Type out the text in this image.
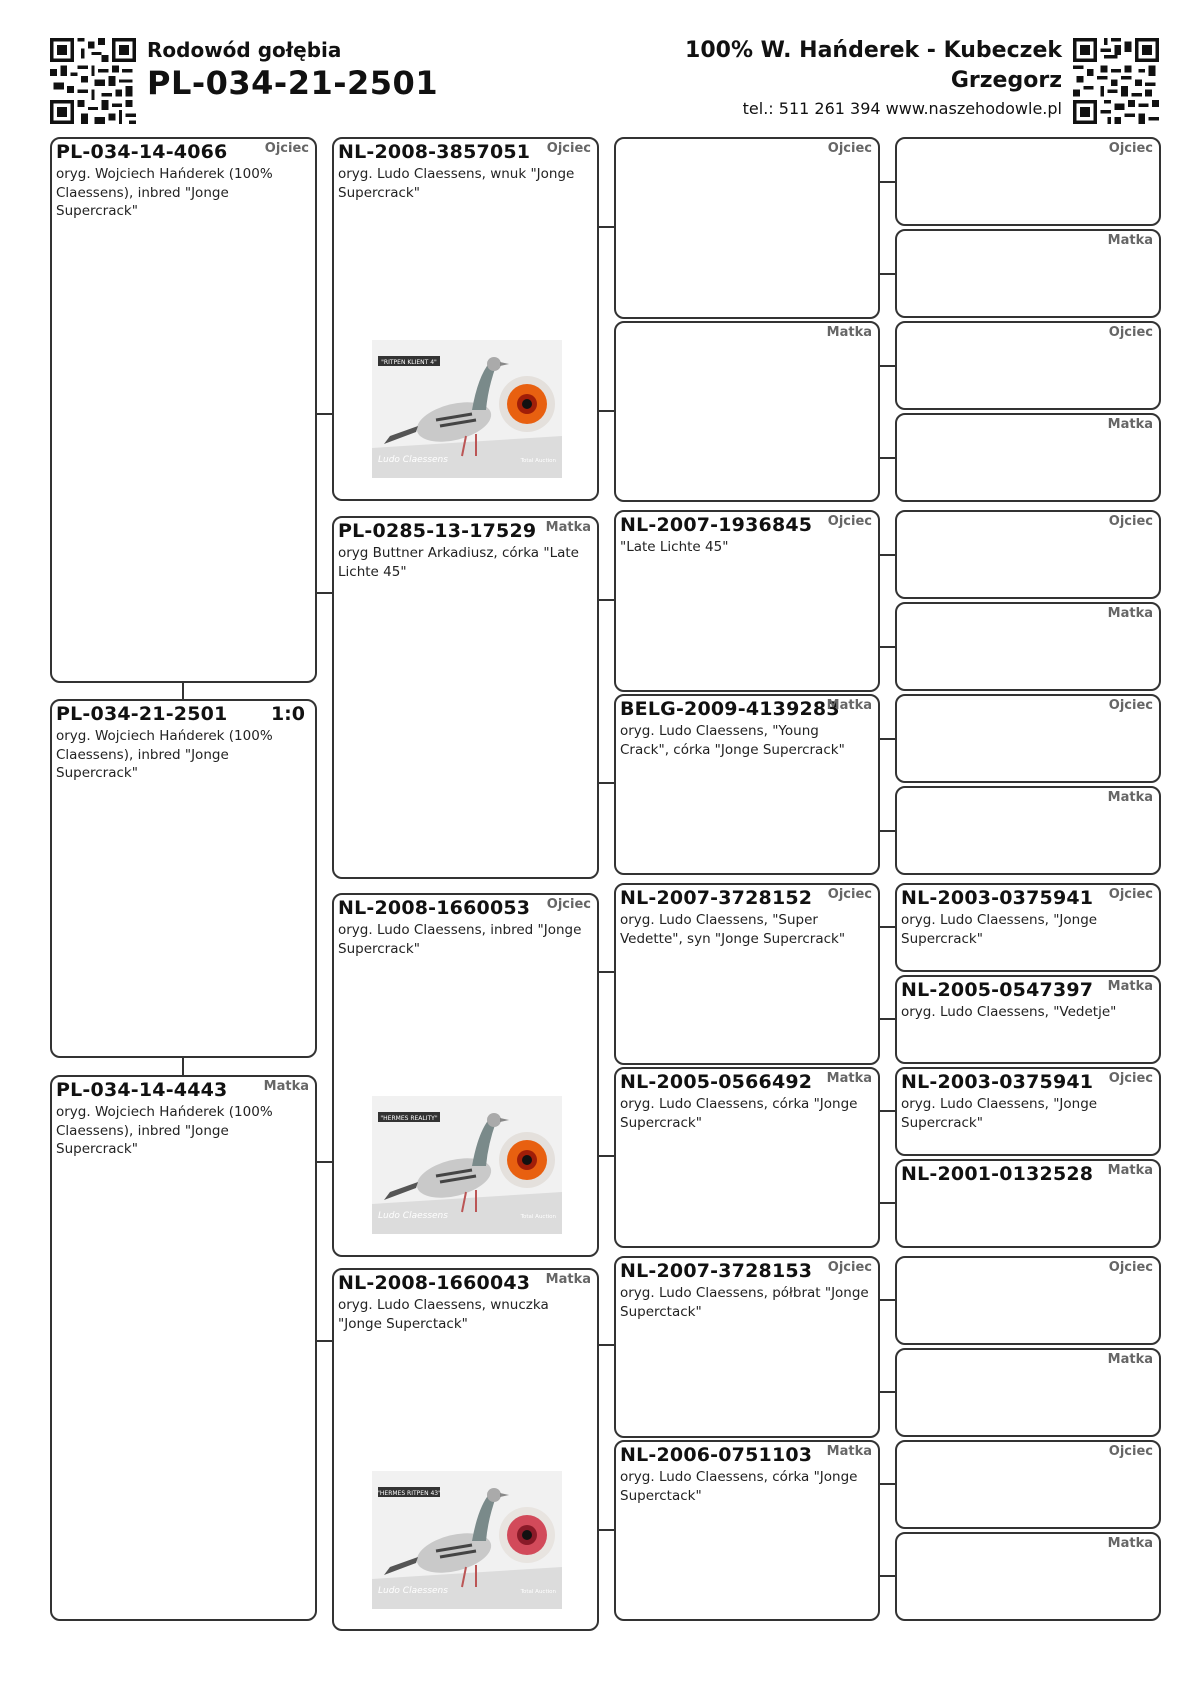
Rodowód gołębia
PL-034-21-2501
100% W. Hańderek - Kubeczek
Grzegorz
tel.: 511 261 394 www.naszehodowle.pl
PL-034-14-4066	Ojciec
oryg. Wojciech Hańderek (100% Claessens), inbred "Jonge Supercrack"
PL-034-21-2501 1:0
oryg. Wojciech Hańderek (100% Claessens), inbred "Jonge Supercrack"
PL-034-14-4443	Matka
oryg. Wojciech Hańderek (100% Claessens), inbred "Jonge Supercrack"
NL-2008-3857051 Ojciec
oryg. Ludo Claessens, wnuk "Jonge Supercrack"
"RITPEN KLIENT 4"
Ludo Claessens	Total Auction
PL-0285-13-17529 Matka
oryg Buttner Arkadiusz, córka "Late Lichte 45"
NL-2008-1660053 Ojciec
oryg. Ludo Claessens, inbred "Jonge Supercrack"
"HERMES REALITY"
Ludo Claessens	Total Auction
NL-2008-1660043 Matka
oryg. Ludo Claessens, wnuczka "Jonge Superctack"
"HERMES RITPEN 43"
Ludo Claessens	Total Auction
Ojciec
Matka
NL-2007-1936845 Ojciec
"Late Lichte 45"
BELG-2009-4139283
Matka
oryg. Ludo Claessens, "Young Crack", córka "Jonge Supercrack"
NL-2007-3728152 Ojciec
oryg. Ludo Claessens, "Super Vedette", syn "Jonge Supercrack"
NL-2005-0566492 Matka
oryg. Ludo Claessens, córka "Jonge Supercrack"
NL-2007-3728153 Ojciec
oryg. Ludo Claessens, półbrat "Jonge Superctack"
NL-2006-0751103 Matka
oryg. Ludo Claessens, córka "Jonge Superctack"
Ojciec
Matka
Ojciec
Matka
Ojciec
Matka
Ojciec
Matka
NL-2003-0375941 Ojciec
oryg. Ludo Claessens, "Jonge Supercrack"
NL-2005-0547397 Matka
oryg. Ludo Claessens, "Vedetje"
NL-2003-0375941 Ojciec
oryg. Ludo Claessens, "Jonge Supercrack"
NL-2001-0132528 Matka
Ojciec
Matka
Ojciec
Matka
